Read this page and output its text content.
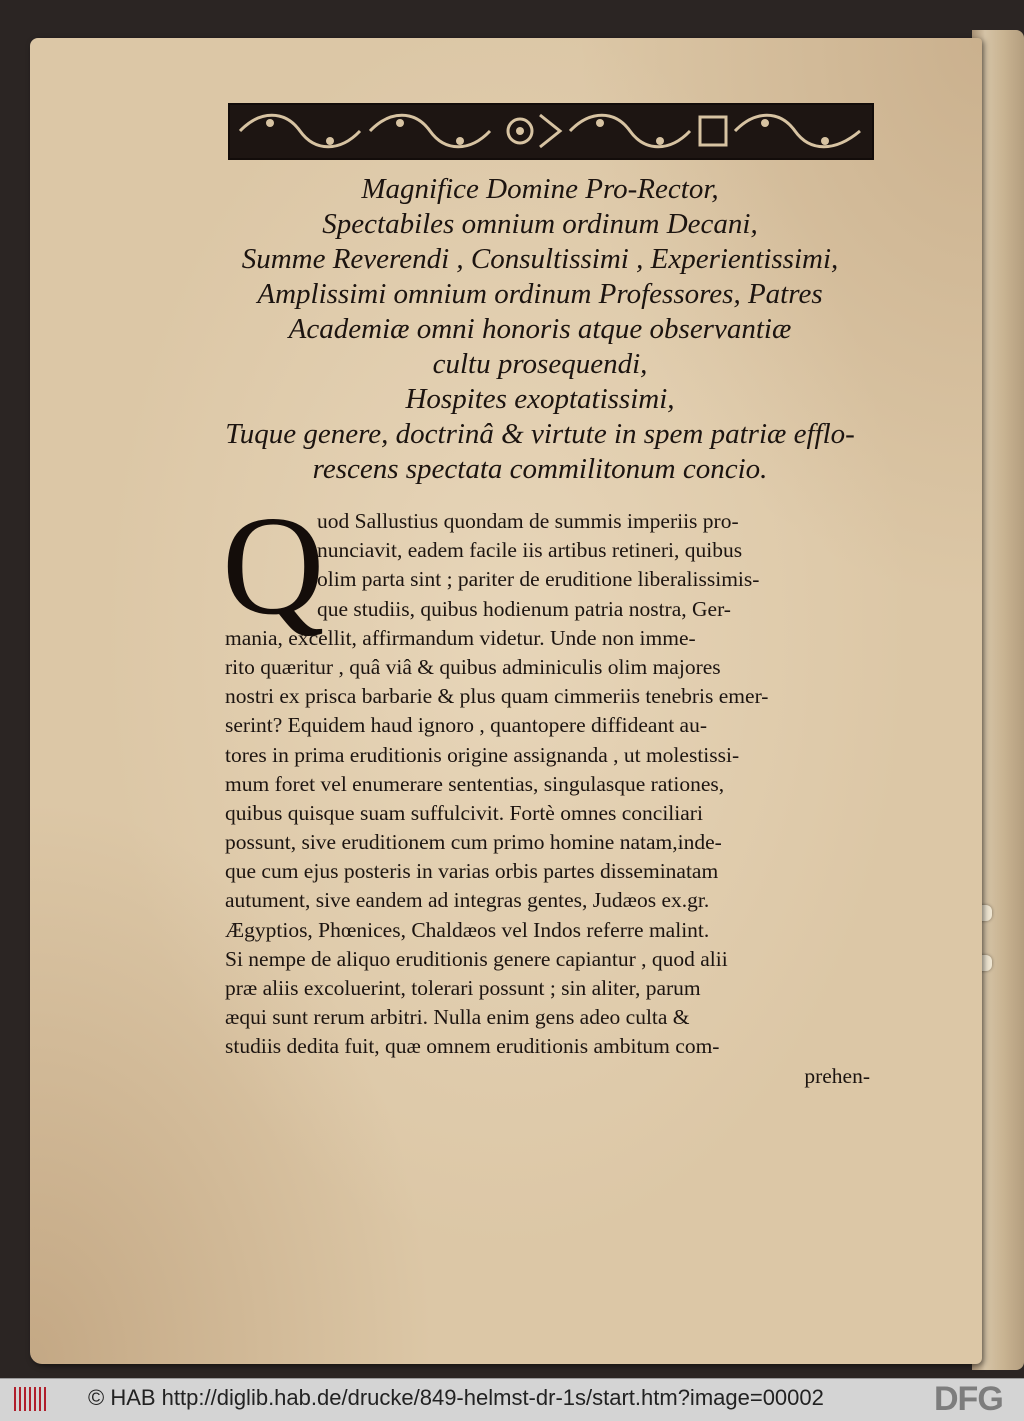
Magnifice Domine Pro-Rector,
Spectabiles omnium ordinum Decani,
Summe Reverendi , Consultissimi , Experientissimi,
Amplissimi omnium ordinum Professores, Patres
Academiæ omni honoris atque observantiæ
cultu prosequendi,
Hospites exoptatissimi,
Tuque genere, doctrinâ & virtute in spem patriæ efflo-
rescens spectata commilitonum concio.
Q
uod Sallustius quondam de summis imperiis pro-
nunciavit, eadem facile iis artibus retineri, quibus
olim parta sint ; pariter de eruditione liberalissimis-
que studiis, quibus hodienum patria nostra, Ger-
mania, excellit, affirmandum videtur. Unde non imme-
rito quæritur , quâ viâ & quibus adminiculis olim majores
nostri ex prisca barbarie & plus quam cimmeriis tenebris emer-
serint? Equidem haud ignoro , quantopere diffideant au-
tores in prima eruditionis origine assignanda , ut molestissi-
mum foret vel enumerare sententias, singulasque rationes,
quibus quisque suam suffulcivit. Fortè omnes conciliari
possunt, sive eruditionem cum primo homine natam,inde-
que cum ejus posteris in varias orbis partes disseminatam
autument, sive eandem ad integras gentes, Judæos ex.gr.
Ægyptios, Phœnices, Chaldæos vel Indos referre malint.
Si nempe de aliquo eruditionis genere capiantur , quod alii
præ aliis excoluerint, tolerari possunt ; sin aliter, parum
æqui sunt rerum arbitri. Nulla enim gens adeo culta &
studiis dedita fuit, quæ omnem eruditionis ambitum com-
prehen-
© HAB http://diglib.hab.de/drucke/849-helmst-dr-1s/start.htm?image=00002	DFG
